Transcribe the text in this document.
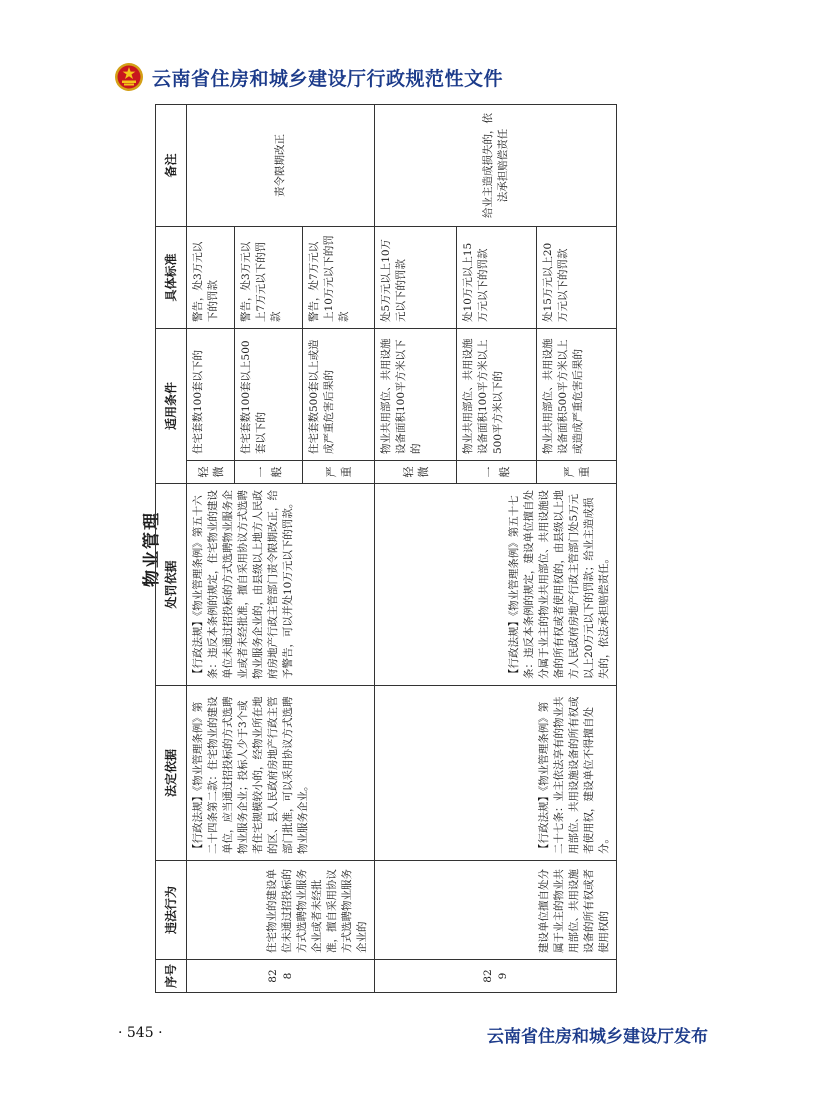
云南省住房和城乡建设厅行政规范性文件
物业管理
序号	违法行为	法定依据	处罚依据	适用条件		具体标准	备注
828	住宅物业的建设单位未通过招投标的方式选聘物业服务企业或者未经批准，擅自采用协议方式选聘物业服务企业的	【行政法规】《物业管理条例》第二十四条第二款：住宅物业的建设单位，应当通过招投标的方式选聘物业服务企业；投标人少于3个或者住宅规模较小的，经物业所在地的区、县人民政府房地产行政主管部门批准，可以采用协议方式选聘物业服务企业。	【行政法规】《物业管理条例》第五十六条：违反本条例的规定，住宅物业的建设单位未通过招投标的方式选聘物业服务企业或者未经批准，擅自采用协议方式选聘物业服务企业的，由县级以上地方人民政府房地产行政主管部门责令限期改正，给予警告，可以并处10万元以下的罚款。	轻微	住宅套数100套以下的	警告，处3万元以下的罚款	责令限期改正
				一般	住宅套数100套以上500套以下的	警告，处3万元以上7万元以下的罚款	
				严重	住宅套数500套以上或造成严重危害后果的	警告，处7万元以上10万元以下的罚款	
829	建设单位擅自处分属于业主的物业共用部位、共用设施设备的所有权或者使用权的	【行政法规】《物业管理条例》第二十七条：业主依法享有的物业共用部位、共用设施设备的所有权或者使用权，建设单位不得擅自处分。	【行政法规】《物业管理条例》第五十七条：违反本条例的规定，建设单位擅自处分属于业主的物业共用部位、共用设施设备的所有权或者使用权的，由县级以上地方人民政府房地产行政主管部门处5万元以上20万元以下的罚款；给业主造成损失的，依法承担赔偿责任。	轻微	物业共用部位、共用设施设备面积100平方米以下的	处5万元以上10万元以下的罚款	给业主造成损失的，依法承担赔偿责任
				一般	物业共用部位、共用设施设备面积100平方米以上500平方米以下的	处10万元以上15万元以下的罚款	
				严重	物业共用部位、共用设施设备面积500平方米以上或造成严重危害后果的	处15万元以上20万元以下的罚款	
· 545 ·	云南省住房和城乡建设厅发布
